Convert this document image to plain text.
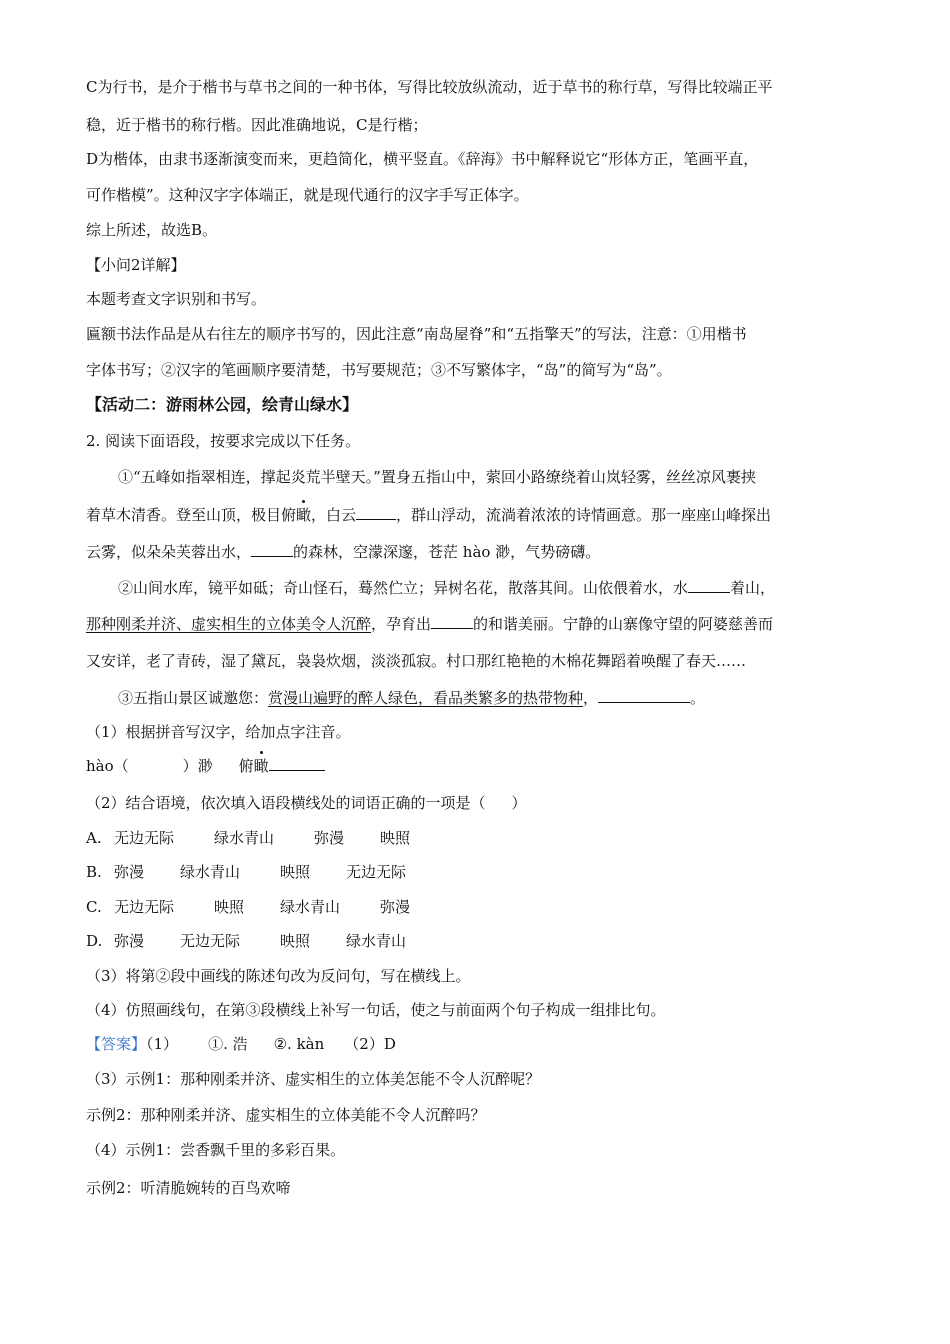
C为行书，是介于楷书与草书之间的一种书体，写得比较放纵流动，近于草书的称行草，写得比较端正平
稳，近于楷书的称行楷。因此准确地说，C是行楷；
D为楷体，由隶书逐渐演变而来，更趋简化，横平竖直。《辞海》书中解释说它“形体方正，笔画平直，
可作楷模”。这种汉字字体端正，就是现代通行的汉字手写正体字。
综上所述，故选B。
【小问2详解】
本题考查文字识别和书写。
匾额书法作品是从右往左的顺序书写的，因此注意“南岛屋脊”和“五指擎天”的写法，注意：①用楷书
字体书写；②汉字的笔画顺序要清楚，书写要规范；③不写繁体字，“岛”的简写为“岛”。
【活动二：游雨林公园，绘青山绿水】
2. 阅读下面语段，按要求完成以下任务。
①“五峰如指翠相连，撑起炎荒半壁天。”置身五指山中，萦回小路缭绕着山岚轻雾，丝丝凉风裹挟
着草木清香。登至山顶，极目俯瞰，白云	，群山浮动，流淌着浓浓的诗情画意。那一座座山峰探出
云雾，似朵朵芙蓉出水，	的森林，空濛深邃，苍茫 hào 渺，气势磅礴。
②山间水库，镜平如砥；奇山怪石，蓦然伫立；异树名花，散落其间。山依偎着水，水	着山，
那种刚柔并济、虚实相生的立体美令人沉醉，孕育出	的和谐美丽。宁静的山寨像守望的阿婆慈善而
又安详，老了青砖，湿了黛瓦，袅袅炊烟，淡淡孤寂。村口那红艳艳的木棉花舞蹈着唤醒了春天……
③五指山景区诚邀您：赏漫山遍野的醉人绿色，看品类繁多的热带物种，	。
（1）根据拼音写汉字，给加点字注音。
hào（	）渺 俯瞰
（2）结合语境，依次填入语段横线处的词语正确的一项是（ ）
A. 无边无际	绿水青山	弥漫 映照
B. 弥漫 绿水青山	映照 无边无际
C. 无边无际	映照 绿水青山	弥漫
D. 弥漫 无边无际	映照 绿水青山
（3）将第②段中画线的陈述句改为反问句，写在横线上。
（4）仿照画线句，在第③段横线上补写一句话，使之与前面两个句子构成一组排比句。
【答案】（1） ①. 浩 ②. kàn （2）D
（3）示例1：那种刚柔并济、虚实相生的立体美怎能不令人沉醉呢？
示例2：那种刚柔并济、虚实相生的立体美能不令人沉醉吗？
（4）示例1：尝香飘千里的多彩百果。
示例2：听清脆婉转的百鸟欢啼
